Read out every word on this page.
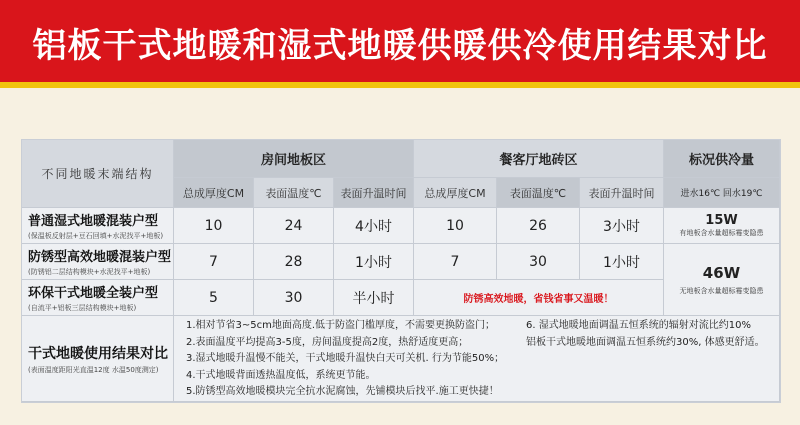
铝板干式地暖和湿式地暖供暖供冷使用结果对比
不同地暖末端结构
房间地板区	餐客厅地砖区	标况供冷量
总成厚度CM	表面温度℃	表面升温时间	总成厚度CM	表面温度℃	表面升温时间	进水16℃ 回水19℃
普通湿式地暖混装户型
(保温板反射层+豆石回填+水泥找平+地板)
10	24	4小时	10	26	3小时	15W
有地板含水量超标霉变隐患
防锈型高效地暖混装户型
(防锈铝二层结构模块+水泥找平+地板)
7	28	1小时	7	30	1小时
46W
无地板含水量超标霉变隐患
环保干式地暖全装户型
(自流平+铝板三层结构模块+地板)
5	30	半小时	防锈高效地暖，省钱省事又温暖！
干式地暖使用结果对比
(表面温度距阳光直温12度 水温50度测定)
1.相对节省3~5cm地面高度.低于防盗门槛厚度，不需要更换防盗门；
2.表面温度平均提高3-5度，房间温度提高2度，热舒适度更高；
3.湿式地暖升温慢不能关，干式地暖升温快白天可关机. 行为节能50%；
4.干式地暖背面透热温度低，系统更节能。
5.防锈型高效地暖模块完全抗水泥腐蚀，先铺模块后找平.施工更快捷！
6. 湿式地暖地面调温五恒系统的辐射对流比约10%
铝板干式地暖地面调温五恒系统约30%, 体感更舒适。
